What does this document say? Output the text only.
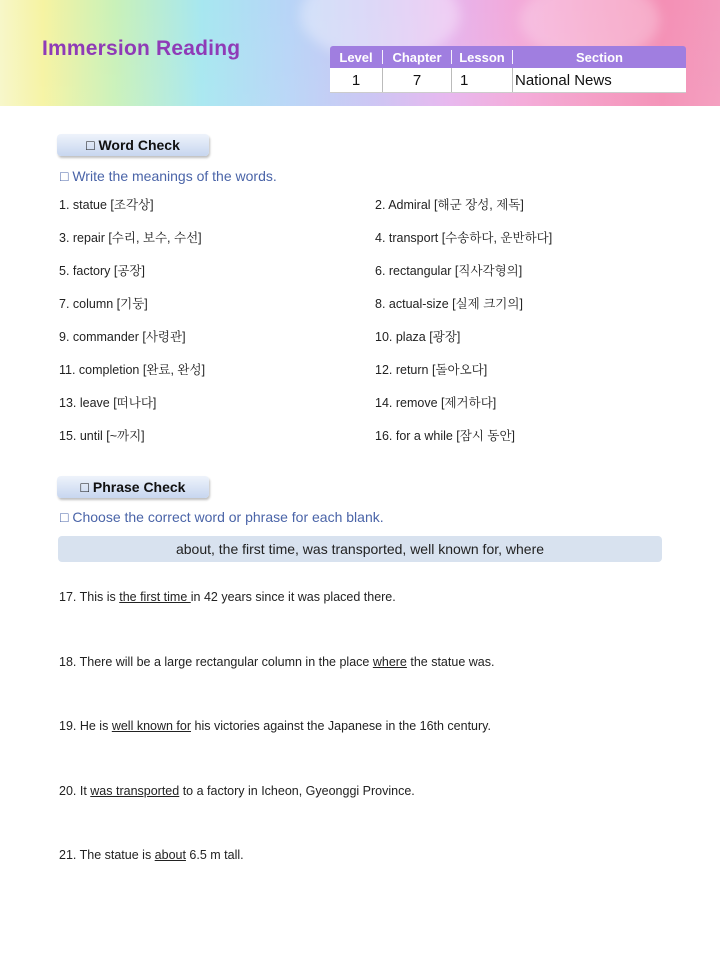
Immersion Reading	Level	Chapter	Lesson	Section
1	7	1	National News
□ Word Check
□ Write the meanings of the words.
1. statue [조각상]	2. Admiral [해군 장성, 제독]
3. repair [수리, 보수, 수선]	4. transport [수송하다, 운반하다]
5. factory [공장]	6. rectangular [직사각형의]
7. column [기둥]	8. actual-size [실제 크기의]
9. commander [사령관]	10. plaza [광장]
11. completion [완료, 완성]	12. return [돌아오다]
13. leave [떠나다]	14. remove [제거하다]
15. until [~까지]	16. for a while [잠시 동안]
□ Phrase Check
□ Choose the correct word or phrase for each blank.
about, the first time, was transported, well known for, where
17. This is the first time in 42 years since it was placed there.
18. There will be a large rectangular column in the place where the statue was.
19. He is well known for his victories against the Japanese in the 16th century.
20. It was transported to a factory in Icheon, Gyeonggi Province.
21. The statue is about 6.5 m tall.
